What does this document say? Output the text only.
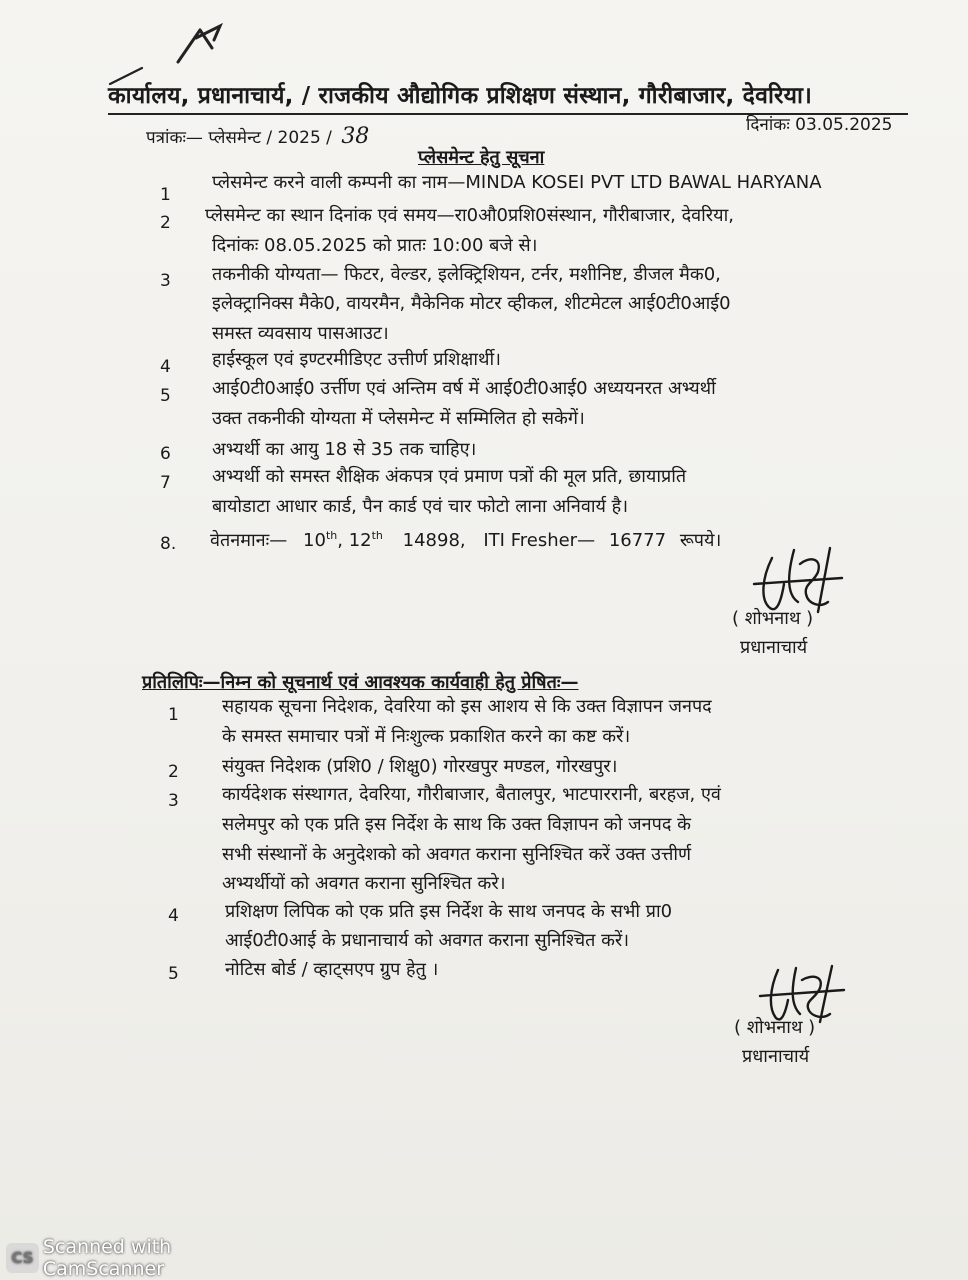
कार्यालय, प्रधानाचार्य, / राजकीय औद्योगिक प्रशिक्षण संस्थान, गौरीबाजार, देवरिया।
दिनांकः 03.05.2025
पत्रांकः— प्लेसमेन्ट / 2025 / 38
प्लेसमेन्ट हेतु सूचना
1
प्लेसमेन्ट करने वाली कम्पनी का नाम—MINDA KOSEI PVT LTD BAWAL HARYANA
2 प्लेसमेन्ट का स्थान दिनांक एवं समय—रा0औ0प्रशि0संस्थान, गौरीबाजार, देवरिया,
दिनांकः 08.05.2025 को प्रातः 10:00 बजे से।
3 तकनीकी योग्यता— फिटर, वेल्डर, इलेक्ट्रिशियन, टर्नर, मशीनिष्ट, डीजल मैक0,
इलेक्ट्रानिक्स मैके0, वायरमैन, मैकेनिक मोटर व्हीकल, शीटमेटल आई0टी0आई0
समस्त व्यवसाय पासआउट।
4 हाईस्कूल एवं इण्टरमीडिएट उत्तीर्ण प्रशिक्षार्थी।
5 आई0टी0आई0 उर्त्तीण एवं अन्तिम वर्ष में आई0टी0आई0 अध्ययनरत अभ्यर्थी
उक्त तकनीकी योग्यता में प्लेसमेन्ट में सम्मिलित हो सकेगें।
6 अभ्यर्थी का आयु 18 से 35 तक चाहिए।
7 अभ्यर्थी को समस्त शैक्षिक अंकपत्र एवं प्रमाण पत्रों की मूल प्रति, छायाप्रति
बायोडाटा आधार कार्ड, पैन कार्ड एवं चार फोटो लाना अनिवार्य है।
8. वेतनमानः— 10th, 12th 14898, ITI Fresher— 16777 रूपये।
( शोभनाथ )
प्रधानाचार्य
प्रतिलिपिः—निम्न को सूचनार्थ एवं आवश्यक कार्यवाही हेतु प्रेषितः—
1 सहायक सूचना निदेशक, देवरिया को इस आशय से कि उक्त विज्ञापन जनपद
के समस्त समाचार पत्रों में निःशुल्क प्रकाशित करने का कष्ट करें।
2 संयुक्त निदेशक (प्रशि0 / शिक्षु0) गोरखपुर मण्डल, गोरखपुर।
3 कार्यदेशक संस्थागत, देवरिया, गौरीबाजार, बैतालपुर, भाटपाररानी, बरहज, एवं
सलेमपुर को एक प्रति इस निर्देश के साथ कि उक्त विज्ञापन को जनपद के
सभी संस्थानों के अनुदेशको को अवगत कराना सुनिश्चित करें उक्त उत्तीर्ण
अभ्यर्थीयों को अवगत कराना सुनिश्चित करे।
4	प्रशिक्षण लिपिक को एक प्रति इस निर्देश के साथ जनपद के सभी प्रा0
आई0टी0आई के प्रधानाचार्य को अवगत कराना सुनिश्चित करें।
5	नोटिस बोर्ड / व्हाट्सएप ग्रुप हेतु ।
( शोभनाथ )
प्रधानाचार्य
CS Scanned with CamScanner
